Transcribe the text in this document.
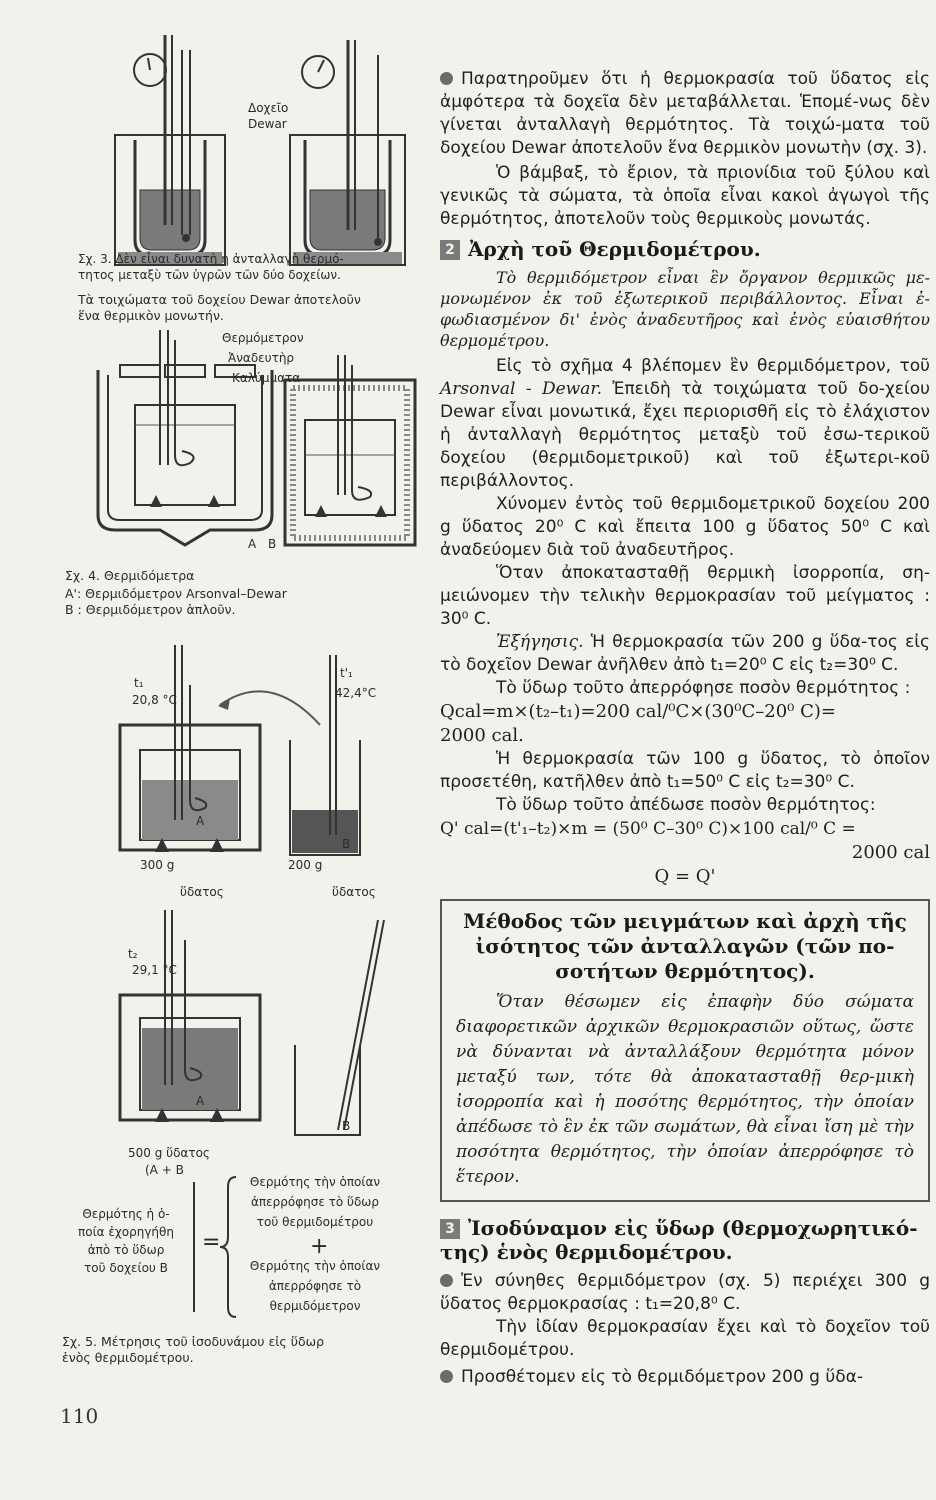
Δοχεῖο
Dewar
Σχ. 3. Δὲν εἶναι δυνατὴ ἡ ἀνταλλαγὴ θερμό-
τητος μεταξὺ τῶν ὑγρῶν τῶν δύο δοχείων.
Τὰ τοιχώματα τοῦ δοχείου Dewar ἀποτελοῦν
ἕνα θερμικὸν μονωτήν.
Θερμόμετρον
Ἀναδευτὴρ
Καλύμματα
A B
Σχ. 4. Θερμιδόμετρα
A': Θερμιδόμετρον Arsonval–Dewar
B : Θερμιδόμετρον ἁπλοῦν.
t₁
20,8 °C
t'₁
42,4°C
A
B
300 g
ὕδατος
200 g
ὕδατος
t₂
29,1 °C
A
B
500 g ὕδατος
(A + B
Θερμότης ἡ ὁ-
ποία ἐχορηγήθη
ἀπὸ τὸ ὕδωρ
τοῦ δοχείου B
=
Θερμότης τὴν ὁποίαν
ἀπερρόφησε τὸ ὕδωρ
τοῦ θερμιδομέτρου
+
Θερμότης τὴν ὁποίαν
ἀπερρόφησε τὸ
θερμιδόμετρον
Σχ. 5. Μέτρησις τοῦ ἰσοδυνάμου εἰς ὕδωρ
ἑνὸς θερμιδομέτρου.
110
Παρατηροῦμεν ὅτι ἡ θερμοκρασία τοῦ ὕδατος εἰς ἀμφότερα τὰ δοχεῖα δὲν μεταβάλλεται. Ἑπομέ-νως δὲν γίνεται ἀνταλλαγὴ θερμότητος. Τὰ τοιχώ-ματα τοῦ δοχείου Dewar ἀποτελοῦν ἕνα θερμικὸν μονωτὴν (σχ. 3).
Ὁ βάμβαξ, τὸ ἔριον, τὰ πριονίδια τοῦ ξύλου καὶ γενικῶς τὰ σώματα, τὰ ὁποῖα εἶναι κακοὶ ἀγωγοὶ τῆς θερμότητος, ἀποτελοῦν τοὺς θερμικοὺς μονωτάς.
2 Ἀρχὴ τοῦ Θερμιδομέτρου.
Τὸ θερμιδόμετρον εἶναι ἓν ὄργανον θερμικῶς με-μονωμένον ἐκ τοῦ ἐξωτερικοῦ περιβάλλοντος. Εἶναι ἐ-φωδιασμένον δι' ἑνὸς ἀναδευτῆρος καὶ ἑνὸς εὐαισθήτου θερμομέτρου.
Εἰς τὸ σχῆμα 4 βλέπομεν ἓν θερμιδόμετρον, τοῦ Arsonval - Dewar. Ἐπειδὴ τὰ τοιχώματα τοῦ δο-χείου Dewar εἶναι μονωτικά, ἔχει περιορισθῆ εἰς τὸ ἐλάχιστον ἡ ἀνταλλαγὴ θερμότητος μεταξὺ τοῦ ἐσω-τερικοῦ δοχείου (θερμιδομετρικοῦ) καὶ τοῦ ἐξωτερι-κοῦ περιβάλλοντος.
Χύνομεν ἐντὸς τοῦ θερμιδομετρικοῦ δοχείου 200 g ὕδατος 20⁰ C καὶ ἔπειτα 100 g ὕδατος 50⁰ C καὶ ἀναδεύομεν διὰ τοῦ ἀναδευτῆρος.
Ὅταν ἀποκατασταθῇ θερμικὴ ἰσορροπία, ση-μειώνομεν τὴν τελικὴν θερμοκρασίαν τοῦ μείγματος : 30⁰ C.
Ἐξήγησις. Ἡ θερμοκρασία τῶν 200 g ὕδα-τος εἰς τὸ δοχεῖον Dewar ἀνῆλθεν ἀπὸ t₁=20⁰ C εἰς t₂=30⁰ C.
Τὸ ὕδωρ τοῦτο ἀπερρόφησε ποσὸν θερμότητος :
Qcal=m×(t₂–t₁)=200 cal/⁰C×(30⁰C–20⁰ C)=
2000 cal.
Ἡ θερμοκρασία τῶν 100 g ὕδατος, τὸ ὁποῖον προσετέθη, κατῆλθεν ἀπὸ t₁=50⁰ C εἰς t₂=30⁰ C.
Τὸ ὕδωρ τοῦτο ἀπέδωσε ποσὸν θερμότητος:
Q' cal=(t'₁–t₂)×m = (50⁰ C–30⁰ C)×100 cal/⁰ C =
2000 cal
Q = Q'
Μέθοδος τῶν μειγμάτων καὶ ἀρχὴ τῆς ἰσότητος τῶν ἀνταλλαγῶν (τῶν πο-σοτήτων θερμότητος).
Ὅταν θέσωμεν εἰς ἐπαφὴν δύο σώματα διαφορετικῶν ἀρχικῶν θερμοκρασιῶν οὕτως, ὥστε νὰ δύνανται νὰ ἀνταλλάξουν θερμότητα μόνον μεταξύ των, τότε θὰ ἀποκατασταθῇ θερ-μικὴ ἰσορροπία καὶ ἡ ποσότης θερμότητος, τὴν ὁποίαν ἀπέδωσε τὸ ἓν ἐκ τῶν σωμάτων, θὰ εἶναι ἴση μὲ τὴν ποσότητα θερμότητος, τὴν ὁποίαν ἀπερρόφησε τὸ ἕτερον.
3 Ἰσοδύναμον εἰς ὕδωρ (θερμοχωρητικό-της) ἑνὸς θερμιδομέτρου.
Ἐν σύνηθες θερμιδόμετρον (σχ. 5) περιέχει 300 g ὕδατος θερμοκρασίας : t₁=20,8⁰ C.
Τὴν ἰδίαν θερμοκρασίαν ἔχει καὶ τὸ δοχεῖον τοῦ θερμιδομέτρου.
Προσθέτομεν εἰς τὸ θερμιδόμετρον 200 g ὕδα-
